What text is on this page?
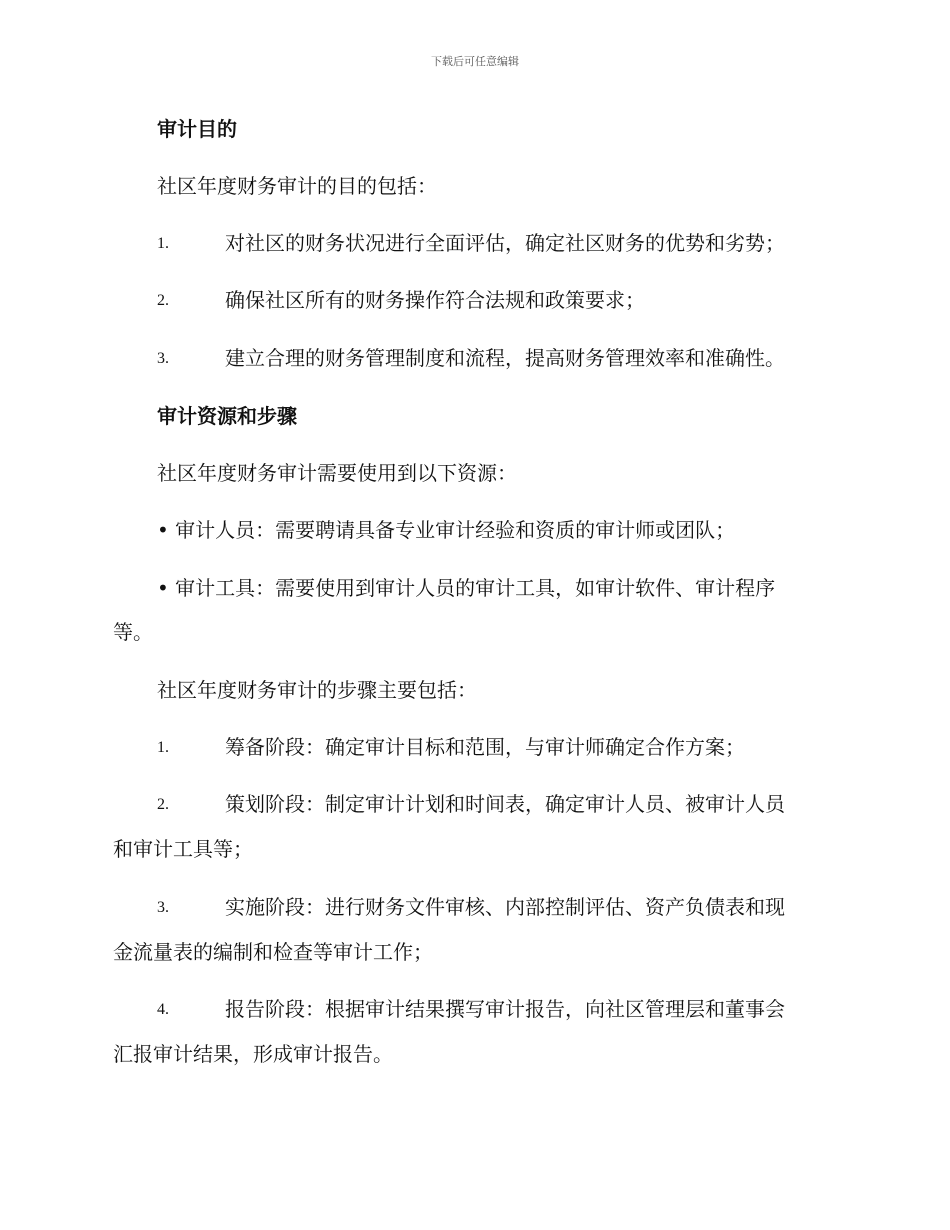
下载后可任意编辑
审计目的
社区年度财务审计的目的包括：
1.	对社区的财务状况进行全面评估，确定社区财务的优势和劣势；
2.	确保社区所有的财务操作符合法规和政策要求；
3.	建立合理的财务管理制度和流程，提高财务管理效率和准确性。
审计资源和步骤
社区年度财务审计需要使用到以下资源：
• 审计人员：需要聘请具备专业审计经验和资质的审计师或团队；
• 审计工具：需要使用到审计人员的审计工具，如审计软件、审计程序
等。
社区年度财务审计的步骤主要包括：
1.	筹备阶段：确定审计目标和范围，与审计师确定合作方案；
2.	策划阶段：制定审计计划和时间表，确定审计人员、被审计人员
和审计工具等；
3.	实施阶段：进行财务文件审核、内部控制评估、资产负债表和现
金流量表的编制和检查等审计工作；
4.	报告阶段：根据审计结果撰写审计报告，向社区管理层和董事会
汇报审计结果，形成审计报告。
